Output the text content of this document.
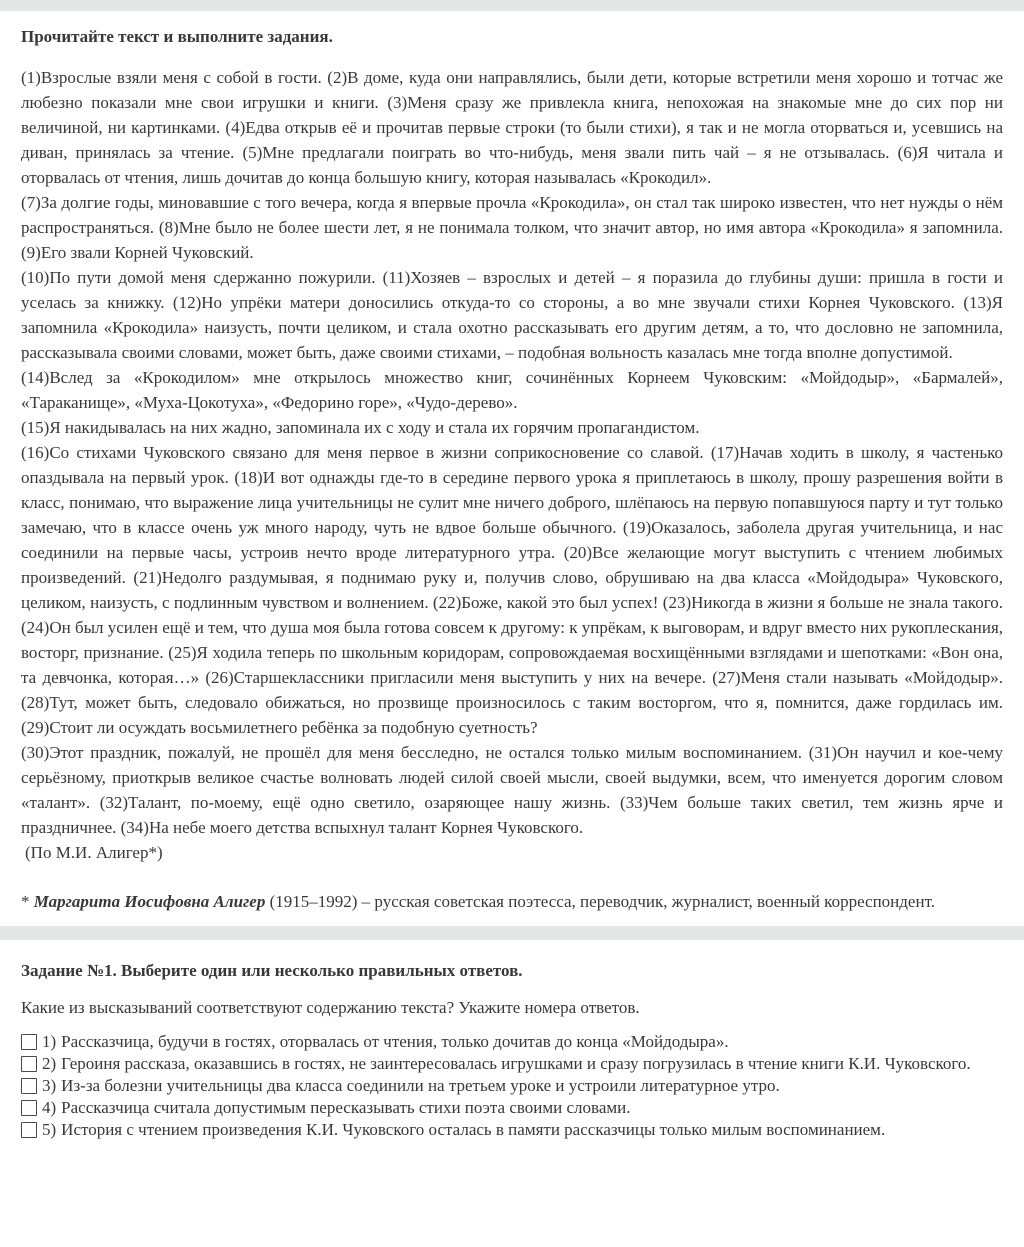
Прочитайте текст и выполните задания.

(1)Взрослые взяли меня с собой в гости. (2)В доме, куда они направлялись, были дети, которые встретили меня хорошо и тотчас же любезно показали мне свои игрушки и книги. (3)Меня сразу же привлекла книга, непохожая на знакомые мне до сих пор ни величиной, ни картинками. (4)Едва открыв её и прочитав первые строки (то были стихи), я так и не могла оторваться и, усевшись на диван, принялась за чтение. (5)Мне предлагали поиграть во что-нибудь, меня звали пить чай – я не отзывалась. (6)Я читала и оторвалась от чтения, лишь дочитав до конца большую книгу, которая называлась «Крокодил».

(7)За долгие годы, миновавшие с того вечера, когда я впервые прочла «Крокодила», он стал так широко известен, что нет нужды о нём распространяться. (8)Мне было не более шести лет, я не понимала толком, что значит автор, но имя автора «Крокодила» я запомнила. (9)Его звали Корней Чуковский.

(10)По пути домой меня сдержанно пожурили. (11)Хозяев – взрослых и детей – я поразила до глубины души: пришла в гости и уселась за книжку. (12)Но упрёки матери доносились откуда-то со стороны, а во мне звучали стихи Корнея Чуковского. (13)Я запомнила «Крокодила» наизусть, почти целиком, и стала охотно рассказывать его другим детям, а то, что дословно не запомнила, рассказывала своими словами, может быть, даже своими стихами, – подобная вольность казалась мне тогда вполне допустимой.

(14)Вслед за «Крокодилом» мне открылось множество книг, сочинённых Корнеем Чуковским: «Мойдодыр», «Бармалей», «Тараканище», «Муха-Цокотуха», «Федорино горе», «Чудо-дерево».

(15)Я накидывалась на них жадно, запоминала их с ходу и стала их горячим пропагандистом.

(16)Со стихами Чуковского связано для меня первое в жизни соприкосновение со славой. (17)Начав ходить в школу, я частенько опаздывала на первый урок. (18)И вот однажды где-то в середине первого урока я приплетаюсь в школу, прошу разрешения войти в класс, понимаю, что выражение лица учительницы не сулит мне ничего доброго, шлёпаюсь на первую попавшуюся парту и тут только замечаю, что в классе очень уж много народу, чуть не вдвое больше обычного. (19)Оказалось, заболела другая учительница, и нас соединили на первые часы, устроив нечто вроде литературного утра. (20)Все желающие могут выступить с чтением любимых произведений. (21)Недолго раздумывая, я поднимаю руку и, получив слово, обрушиваю на два класса «Мойдодыра» Чуковского, целиком, наизусть, с подлинным чувством и волнением. (22)Боже, какой это был успех! (23)Никогда в жизни я больше не знала такого. (24)Он был усилен ещё и тем, что душа моя была готова совсем к другому: к упрёкам, к выговорам, и вдруг вместо них рукоплескания, восторг, признание. (25)Я ходила теперь по школьным коридорам, сопровождаемая восхищёнными взглядами и шепотками: «Вон она, та девчонка, которая…» (26)Старшеклассники пригласили меня выступить у них на вечере. (27)Меня стали называть «Мойдодыр». (28)Тут, может быть, следовало обижаться, но прозвище произносилось с таким восторгом, что я, помнится, даже гордилась им. (29)Стоит ли осуждать восьмилетнего ребёнка за подобную суетность?

(30)Этот праздник, пожалуй, не прошёл для меня бесследно, не остался только милым воспоминанием. (31)Он научил и кое-чему серьёзному, приоткрыв великое счастье волновать людей силой своей мысли, своей выдумки, всем, что именуется дорогим словом «талант». (32)Талант, по-моему, ещё одно светило, озаряющее нашу жизнь. (33)Чем больше таких светил, тем жизнь ярче и праздничнее. (34)На небе моего детства вспыхнул талант Корнея Чуковского.

(По М.И. Алигер*)

* Маргарита Иосифовна Алигер (1915–1992) – русская советская поэтесса, переводчик, журналист, военный корреспондент.

Задание №1. Выберите один или несколько правильных ответов.

Какие из высказываний соответствуют содержанию текста? Укажите номера ответов.

1) Рассказчица, будучи в гостях, оторвалась от чтения, только дочитав до конца «Мойдодыра».
2) Героиня рассказа, оказавшись в гостях, не заинтересовалась игрушками и сразу погрузилась в чтение книги К.И. Чуковского.
3) Из-за болезни учительницы два класса соединили на третьем уроке и устроили литературное утро.
4) Рассказчица считала допустимым пересказывать стихи поэта своими словами.
5) История с чтением произведения К.И. Чуковского осталась в памяти рассказчицы только милым воспоминанием.
